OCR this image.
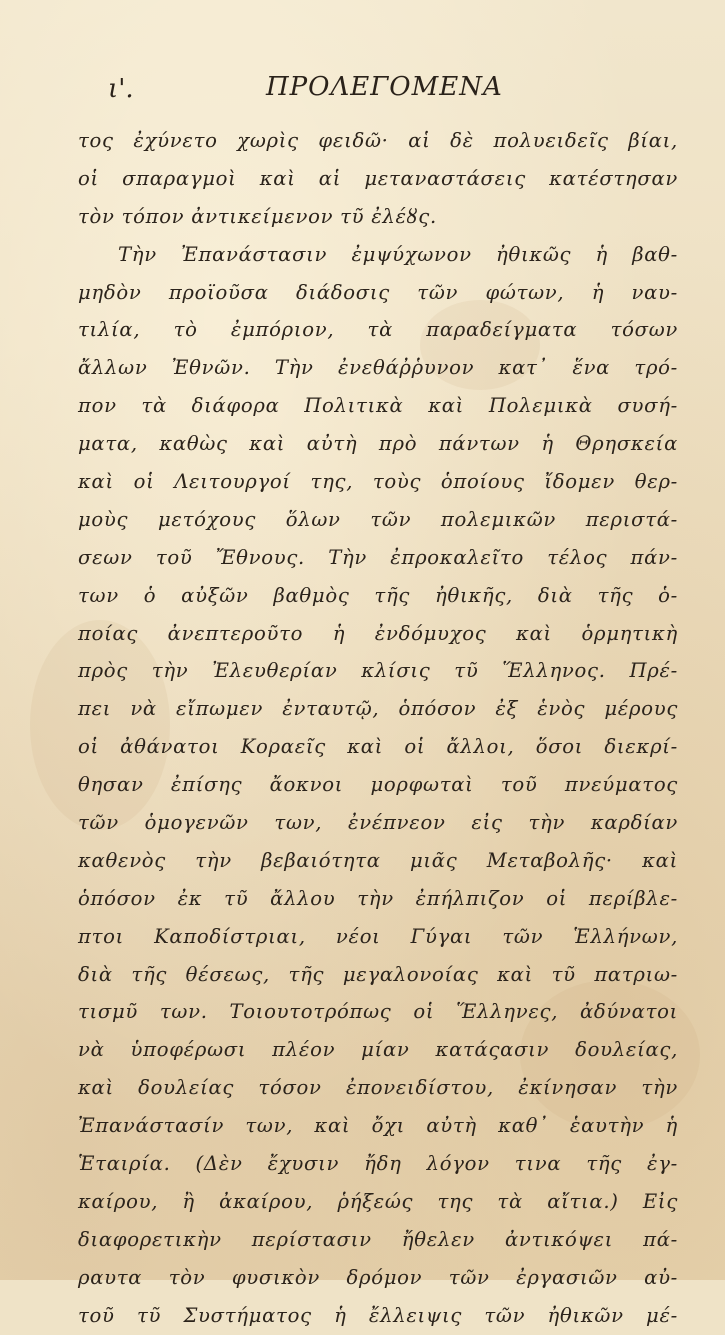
ι'.	ΠΡΟΛΕΓΟΜΕΝΑ
τος ἐχύνετο χωρὶς φειδῶ· αἱ δὲ πολυειδεῖς βίαι,
οἱ σπαραγμοὶ καὶ αἱ μεταναστάσεις κατέστησαν
τὸν τόπον ἀντικείμενον τῦ ἐλέȣς.
Τὴν Ἐπανάστασιν ἐμψύχωνον ἠθικῶς ἡ βαθ-
μηδὸν προϊοῦσα διάδοσις τῶν φώτων, ἡ ναυ-
τιλία, τὸ ἐμπόριον, τὰ παραδείγματα τόσων
ἄλλων Ἐθνῶν. Τὴν ἐνεθάῤῥυνον κατ᾽ ἕνα τρό-
πον τὰ διάφορα Πολιτικὰ καὶ Πολεμικὰ συσή-
ματα, καθὼς καὶ αὐτὴ πρὸ πάντων ἡ Θρησκεία
καὶ οἱ Λειτουργοί της, τοὺς ὁποίους ἴδομεν θερ-
μοὺς μετόχους ὅλων τῶν πολεμικῶν περιστά-
σεων τοῦ Ἔθνους. Τὴν ἐπροκαλεῖτο τέλος πάν-
των ὁ αὐξῶν βαθμὸς τῆς ἠθικῆς, διὰ τῆς ὁ-
ποίας ἀνεπτεροῦτο ἡ ἐνδόμυχος καὶ ὁρμητικὴ
πρὸς τὴν Ἐλευθερίαν κλίσις τῦ Ἕλληνος. Πρέ-
πει νὰ εἴπωμεν ἐνταυτῷ, ὁπόσον ἐξ ἑνὸς μέρους
οἱ ἀθάνατοι Κοραεῖς καὶ οἱ ἄλλοι, ὅσοι διεκρί-
θησαν ἐπίσης ἄοκνοι μορφωταὶ τοῦ πνεύματος
τῶν ὁμογενῶν των, ἐνέπνεον εἰς τὴν καρδίαν
καθενὸς τὴν βεβαιότητα μιᾶς Μεταβολῆς· καὶ
ὁπόσον ἐκ τῦ ἄλλου τὴν ἐπήλπιζον οἱ περίβλε-
πτοι Καποδίστριαι, νέοι Γύγαι τῶν Ἑλλήνων,
διὰ τῆς θέσεως, τῆς μεγαλονοίας καὶ τῦ πατριω-
τισμῦ των. Τοιουτοτρόπως οἱ Ἕλληνες, ἀδύνατοι
νὰ ὑποφέρωσι πλέον μίαν κατάςασιν δουλείας,
καὶ δουλείας τόσον ἐπονειδίστου, ἐκίνησαν τὴν
Ἐπανάστασίν των, καὶ ὄχι αὐτὴ καθ᾽ ἑαυτὴν ἡ
Ἑταιρία. (Δὲν ἔχυσιν ἤδη λόγον τινα τῆς ἐγ-
καίρου, ἢ ἀκαίρου, ῥήξεώς της τὰ αἴτια.) Εἰς
διαφορετικὴν περίστασιν ἤθελεν ἀντικόψει πά-
ραυτα τὸν φυσικὸν δρόμον τῶν ἐργασιῶν αὐ-
τοῦ τῦ Συστήματος ἡ ἔλλειψις τῶν ἠθικῶν μέ-
